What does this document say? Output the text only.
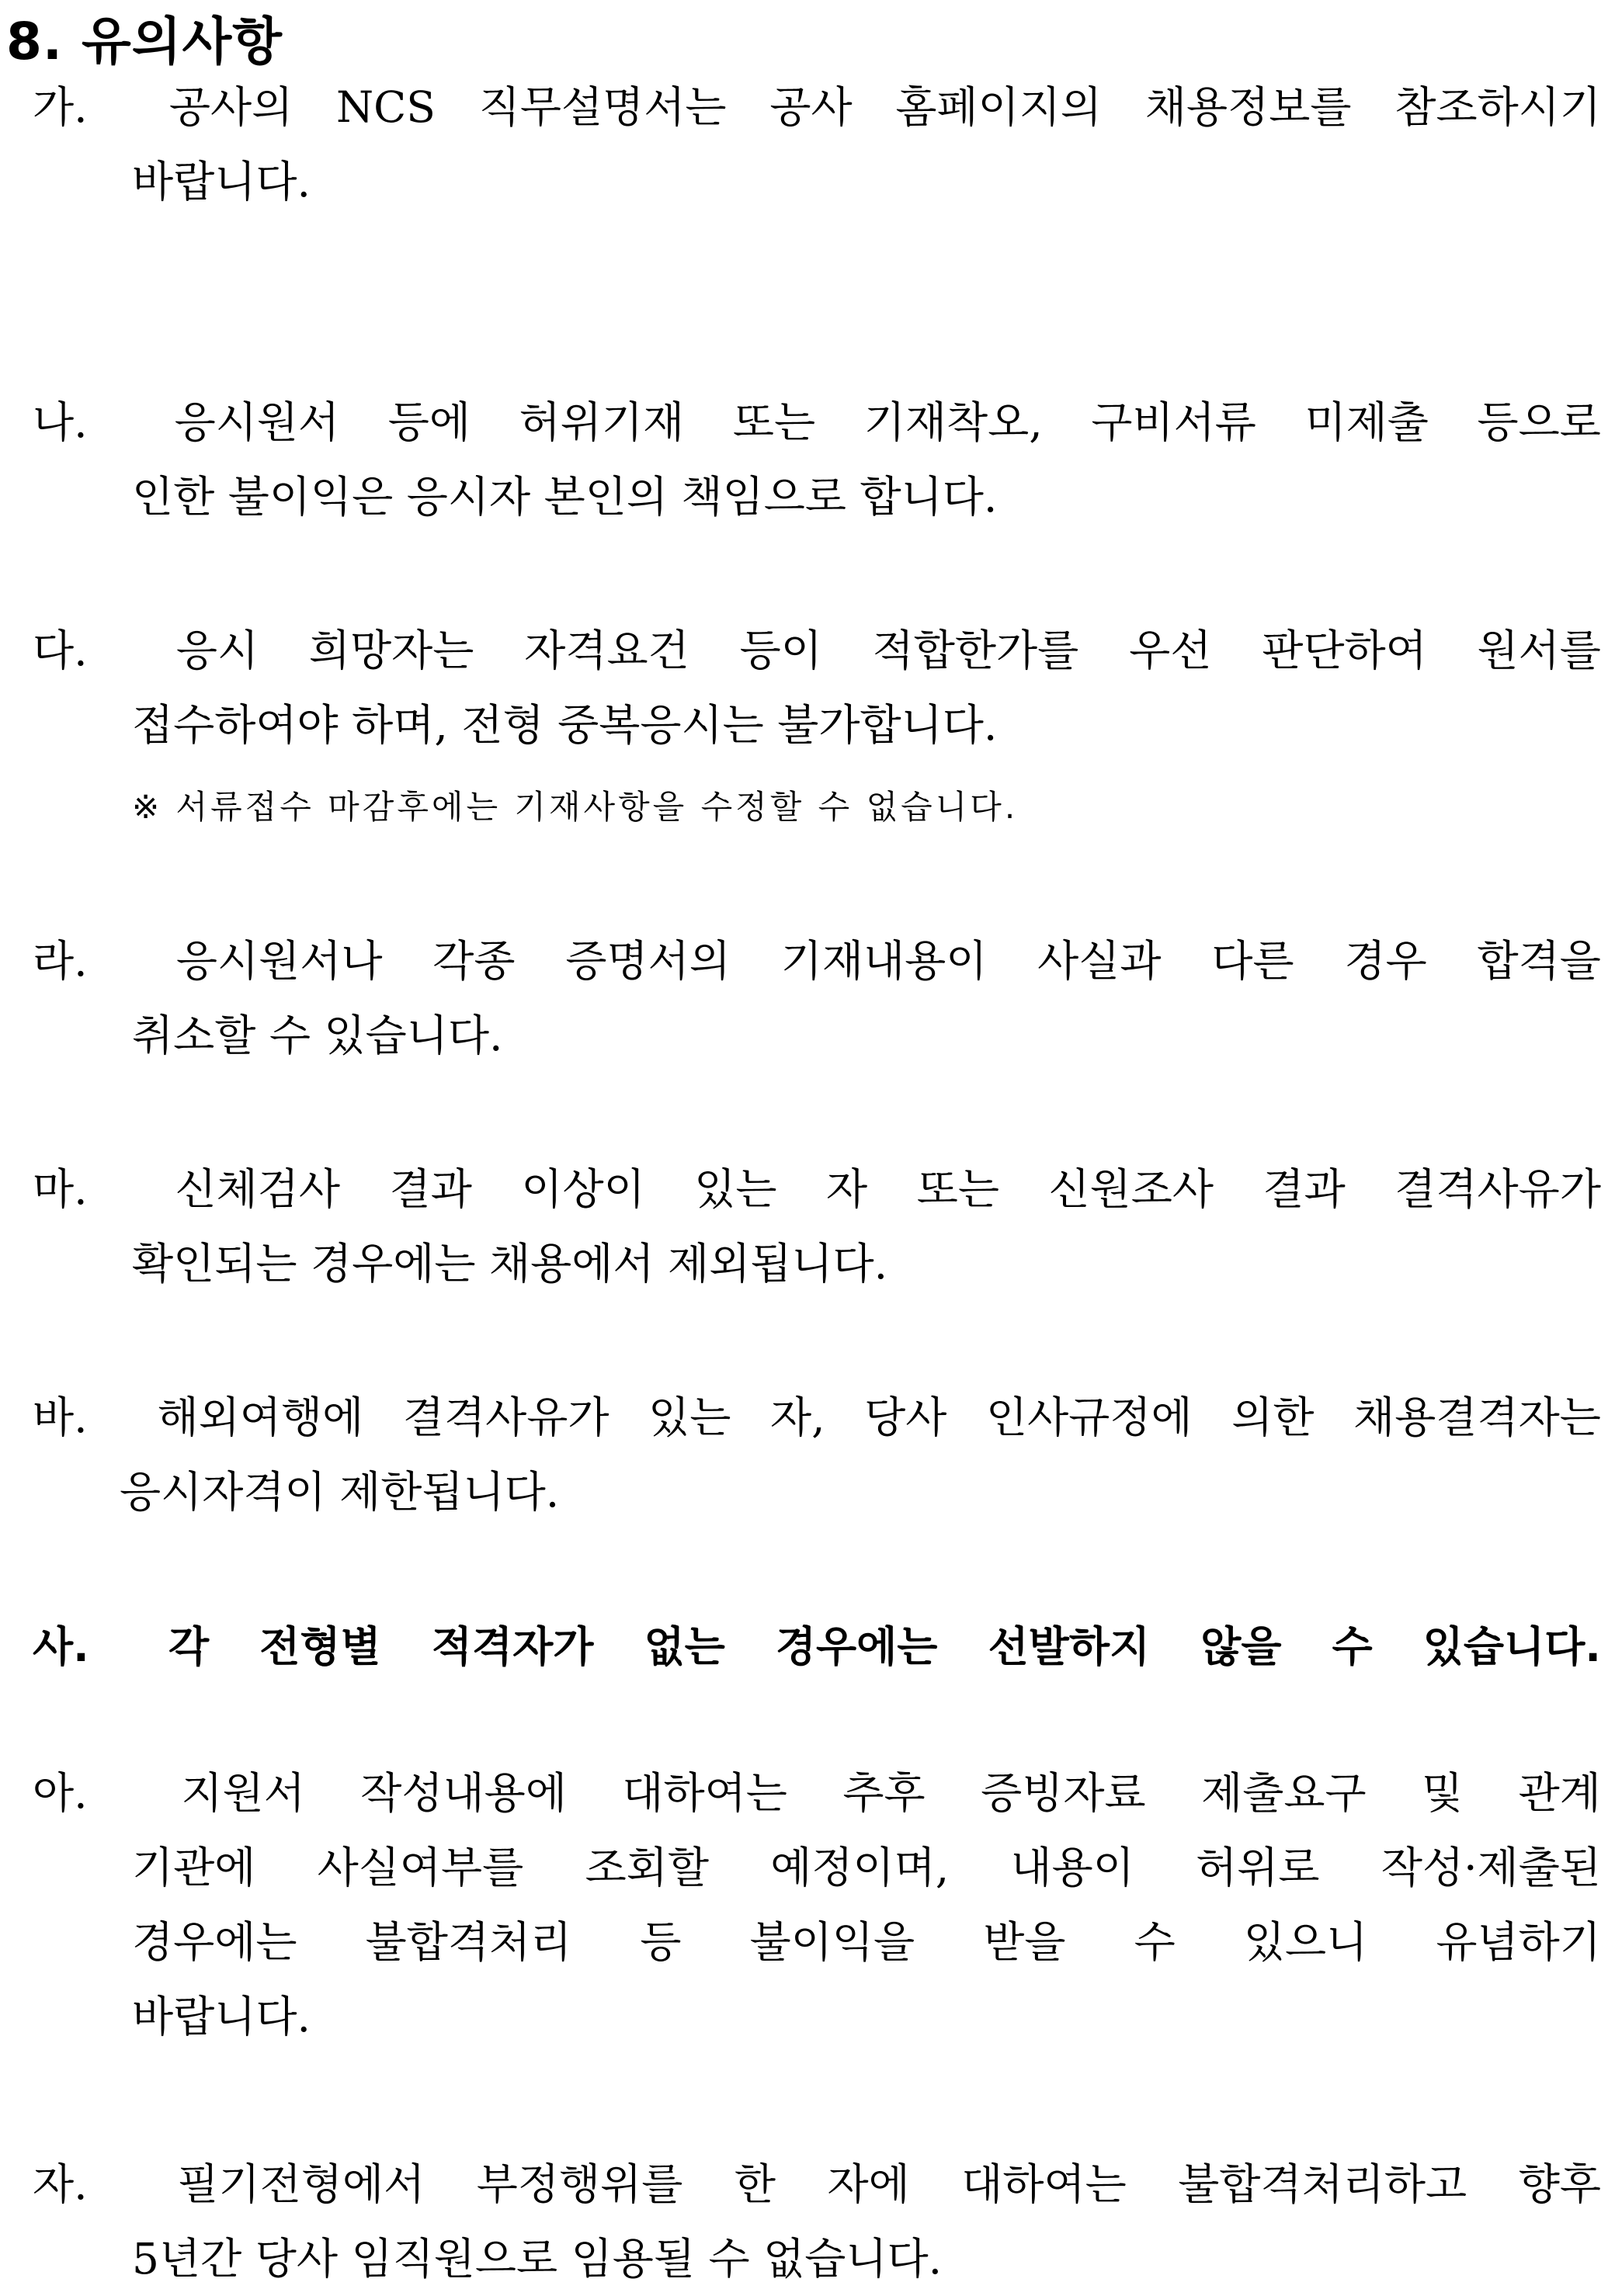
8. 유의사항
가.	공사의 NCS 직무설명서는 공사 홈페이지의 채용정보를 참조하시기
바랍니다.
나.	응시원서 등에 허위기재 또는 기재착오, 구비서류 미제출 등으로
인한 불이익은 응시자 본인의 책임으로 합니다.
다.	응시 희망자는 자격요건 등이 적합한가를 우선 판단하여 원서를
접수하여야 하며, 전형 중복응시는 불가합니다.
※ 서류접수 마감후에는 기재사항을 수정할 수 없습니다.
라.	응시원서나 각종 증명서의 기재내용이 사실과 다른 경우 합격을
취소할 수 있습니다.
마.	신체검사 결과 이상이 있는 자 또는 신원조사 결과 결격사유가
확인되는 경우에는 채용에서 제외됩니다.
바.	해외여행에 결격사유가 있는 자, 당사 인사규정에 의한 채용결격자는
응시자격이 제한됩니다.
사.	각 전형별 적격자가 없는 경우에는 선발하지 않을 수 있습니다.
아.	지원서 작성내용에 대하여는 추후 증빙자료 제출요구 및 관계
기관에 사실여부를 조회할 예정이며, 내용이 허위로 작성·제출된
경우에는 불합격처리 등 불이익을 받을 수 있으니 유념하기
바랍니다.
자.	필기전형에서 부정행위를 한 자에 대하여는 불합격처리하고 향후
5년간 당사 임직원으로 임용될 수 없습니다.
